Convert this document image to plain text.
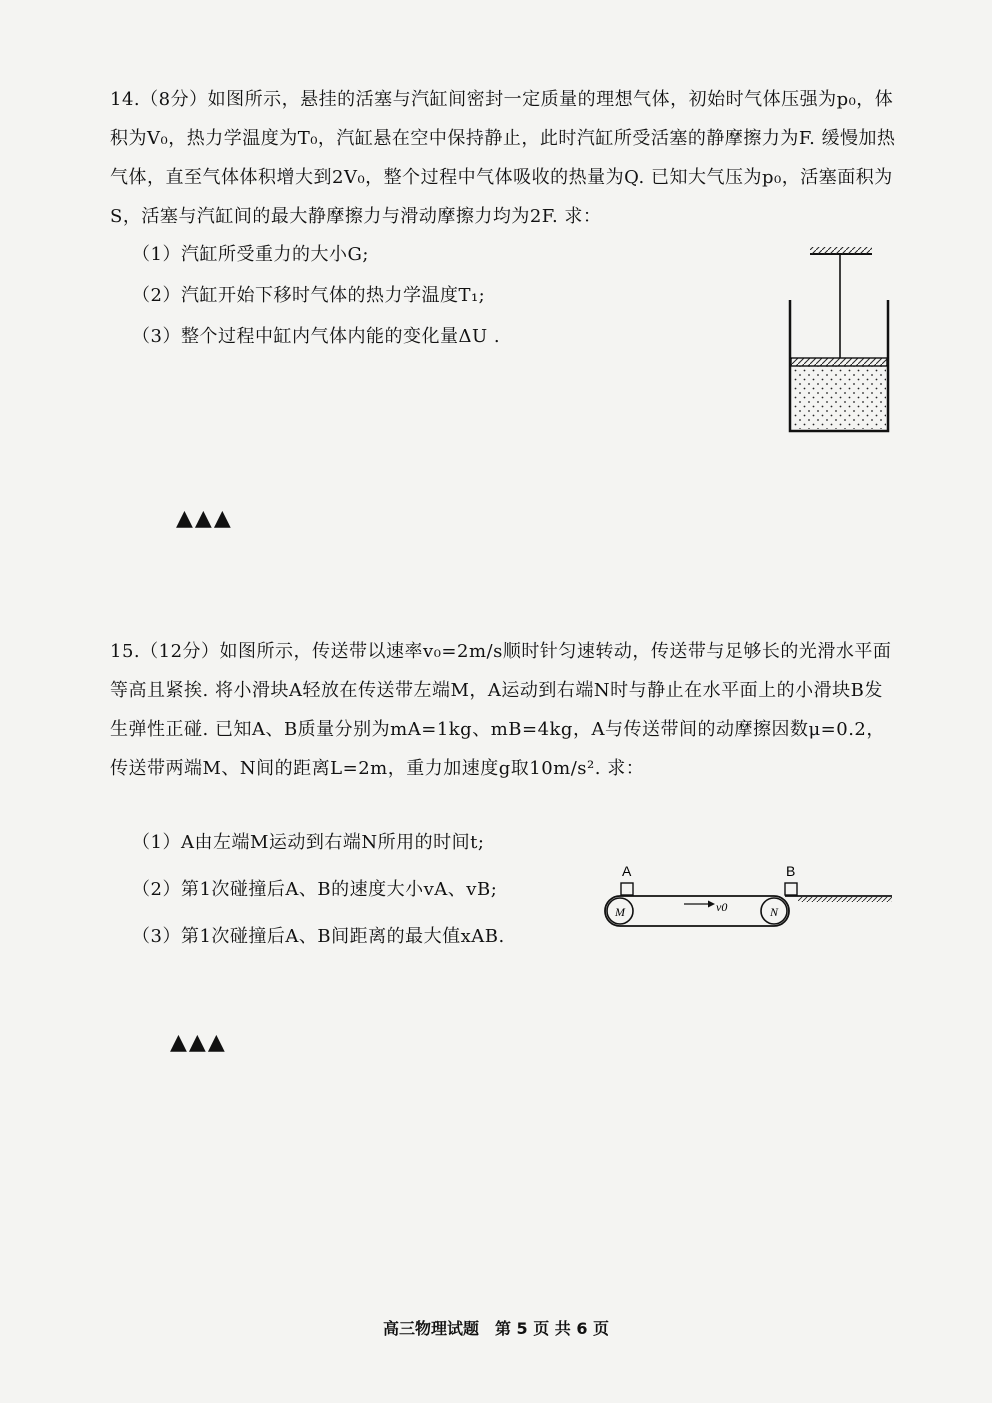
14.（8分）如图所示，悬挂的活塞与汽缸间密封一定质量的理想气体，初始时气体压强为p₀，体积为V₀，热力学温度为T₀，汽缸悬在空中保持静止，此时汽缸所受活塞的静摩擦力为F. 缓慢加热气体，直至气体体积增大到2V₀，整个过程中气体吸收的热量为Q. 已知大气压为p₀，活塞面积为S，活塞与汽缸间的最大静摩擦力与滑动摩擦力均为2F. 求：

（1）汽缸所受重力的大小G;

（2）汽缸开始下移时气体的热力学温度T₁;

（3）整个过程中缸内气体内能的变化量ΔU .

▲▲▲

15.（12分）如图所示，传送带以速率v₀=2m/s顺时针匀速转动，传送带与足够长的光滑水平面等高且紧挨. 将小滑块A轻放在传送带左端M，A运动到右端N时与静止在水平面上的小滑块B发生弹性正碰. 已知A、B质量分别为mA=1kg、mB=4kg，A与传送带间的动摩擦因数μ=0.2，传送带两端M、N间的距离L=2m，重力加速度g取10m/s². 求：

（1）A由左端M运动到右端N所用的时间t;

（2）第1次碰撞后A、B的速度大小vA、vB;

（3）第1次碰撞后A、B间距离的最大值xAB.

M	N
v0
A	B
▲▲▲
高三物理试题　第 5 页 共 6 页
